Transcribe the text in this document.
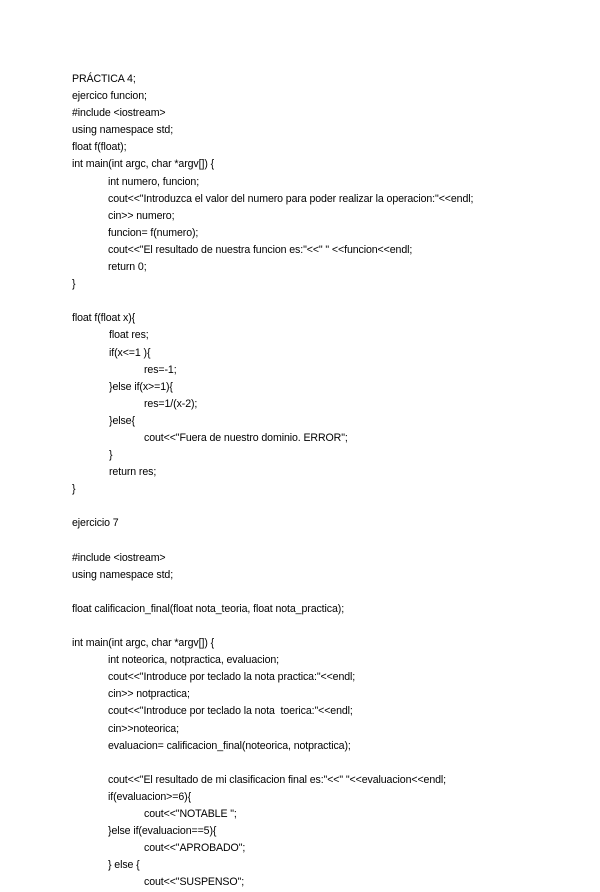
PRÁCTICA 4;
ejercico funcion;
#include <iostream>
using namespace std;
float f(float);
int main(int argc, char *argv[]) {
int numero, funcion;
cout<<"Introduzca el valor del numero para poder realizar la operacion:"<<endl;
cin>> numero;
funcion= f(numero);
cout<<"El resultado de nuestra funcion es:"<<" " <<funcion<<endl;
return 0;
}
float f(float x){
float res;
if(x<=1 ){
res=-1;
}else if(x>=1){
res=1/(x-2);
}else{
cout<<"Fuera de nuestro dominio. ERROR";
}
return res;
}
ejercicio 7
#include <iostream>
using namespace std;
float calificacion_final(float nota_teoria, float nota_practica);
int main(int argc, char *argv[]) {
int noteorica, notpractica, evaluacion;
cout<<"Introduce por teclado la nota practica:"<<endl;
cin>> notpractica;
cout<<"Introduce por teclado la nota  toerica:"<<endl;
cin>>noteorica;
evaluacion= calificacion_final(noteorica, notpractica);
cout<<"El resultado de mi clasificacion final es:"<<" "<<evaluacion<<endl;
if(evaluacion>=6){
cout<<"NOTABLE ";
}else if(evaluacion==5){
cout<<"APROBADO";
} else {
cout<<"SUSPENSO";
